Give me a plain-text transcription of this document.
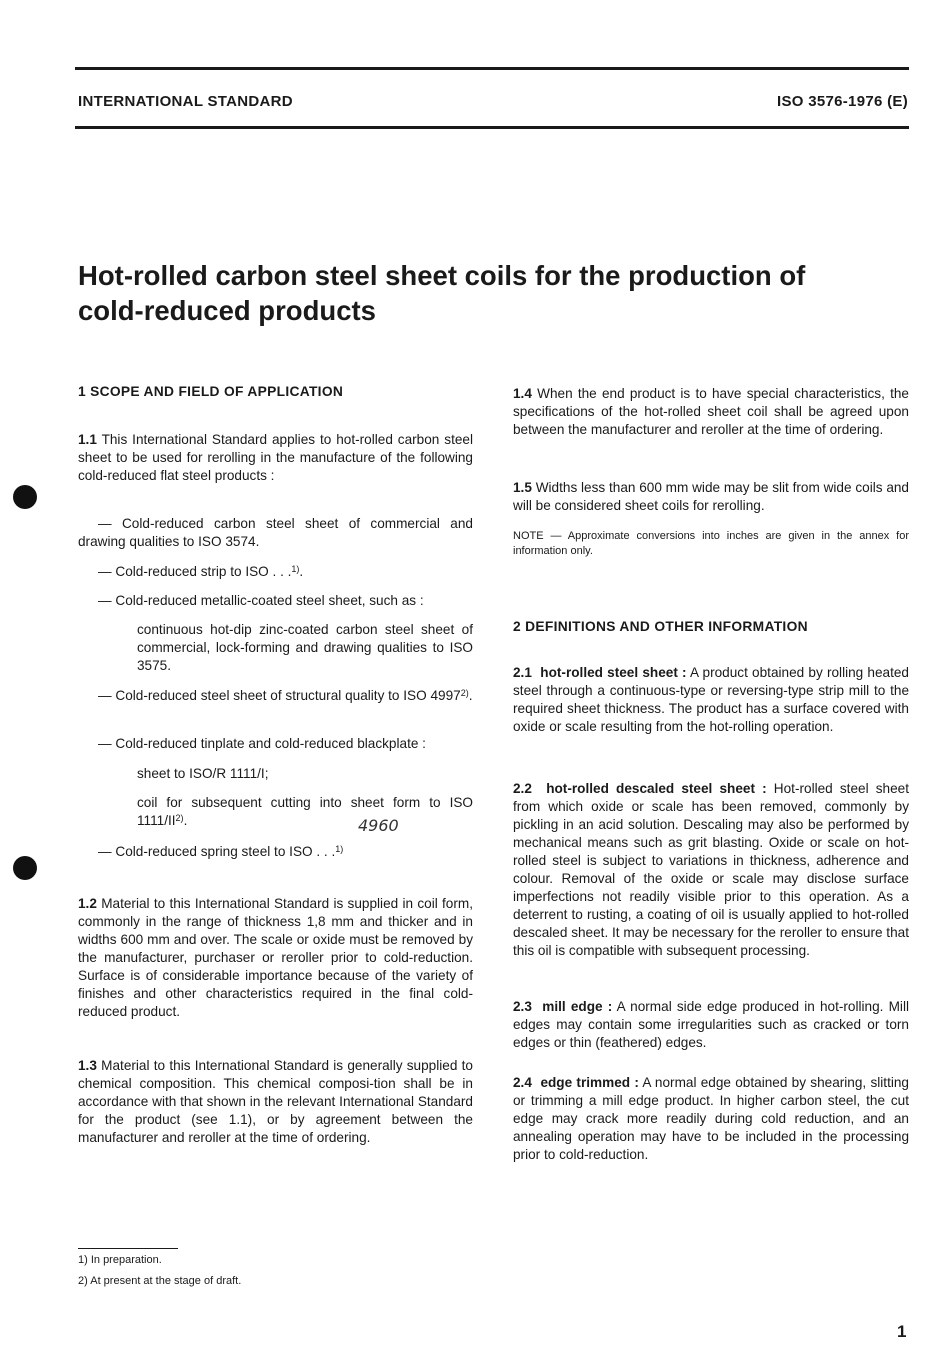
INTERNATIONAL STANDARD	ISO 3576-1976 (E)
Hot-rolled carbon steel sheet coils for the production of
cold-reduced products
1 SCOPE AND FIELD OF APPLICATION
1.1 This International Standard applies to hot-rolled carbon steel sheet to be used for rerolling in the manufacture of the following cold-reduced flat steel products :
— Cold-reduced carbon steel sheet of commercial and drawing qualities to ISO 3574.
— Cold-reduced strip to ISO . . .$^{1)}$.
— Cold-reduced metallic-coated steel sheet, such as :
continuous hot-dip zinc-coated carbon steel sheet of commercial, lock-forming and drawing qualities to ISO 3575.
— Cold-reduced steel sheet of structural quality to ISO 4997$^{2)}$.
— Cold-reduced tinplate and cold-reduced blackplate :
sheet to ISO/R 1111/I;
coil for subsequent cutting into sheet form to ISO 1111/II$^{2)}$.	4960
— Cold-reduced spring steel to ISO . . .$^{1)}$
1.2 Material to this International Standard is supplied in coil form, commonly in the range of thickness 1,8 mm and thicker and in widths 600 mm and over. The scale or oxide must be removed by the manufacturer, purchaser or reroller prior to cold-reduction. Surface is of considerable importance because of the variety of finishes and other characteristics required in the final cold-reduced product.
1.3 Material to this International Standard is generally supplied to chemical composition. This chemical composi-tion shall be in accordance with that shown in the relevant International Standard for the product (see 1.1), or by agreement between the manufacturer and reroller at the time of ordering.
1.4 When the end product is to have special characteristics, the specifications of the hot-rolled sheet coil shall be agreed upon between the manufacturer and reroller at the time of ordering.
1.5 Widths less than 600 mm wide may be slit from wide coils and will be considered sheet coils for rerolling.
NOTE — Approximate conversions into inches are given in the annex for information only.
2 DEFINITIONS AND OTHER INFORMATION
2.1 hot-rolled steel sheet : A product obtained by rolling heated steel through a continuous-type or reversing-type strip mill to the required sheet thickness. The product has a surface covered with oxide or scale resulting from the hot-rolling operation.
2.2 hot-rolled descaled steel sheet : Hot-rolled steel sheet from which oxide or scale has been removed, commonly by pickling in an acid solution. Descaling may also be performed by mechanical means such as grit blasting. Oxide or scale on hot-rolled steel is subject to variations in thickness, adherence and colour. Removal of the oxide or scale may disclose surface imperfections not readily visible prior to this operation. As a deterrent to rusting, a coating of oil is usually applied to hot-rolled descaled sheet. It may be necessary for the reroller to ensure that this oil is compatible with subsequent processing.
2.3 mill edge : A normal side edge produced in hot-rolling. Mill edges may contain some irregularities such as cracked or torn edges or thin (feathered) edges.
2.4 edge trimmed : A normal edge obtained by shearing, slitting or trimming a mill edge product. In higher carbon steel, the cut edge may crack more readily during cold reduction, and an annealing operation may have to be included in the processing prior to cold-reduction.
1) In preparation.
2) At present at the stage of draft.
1
